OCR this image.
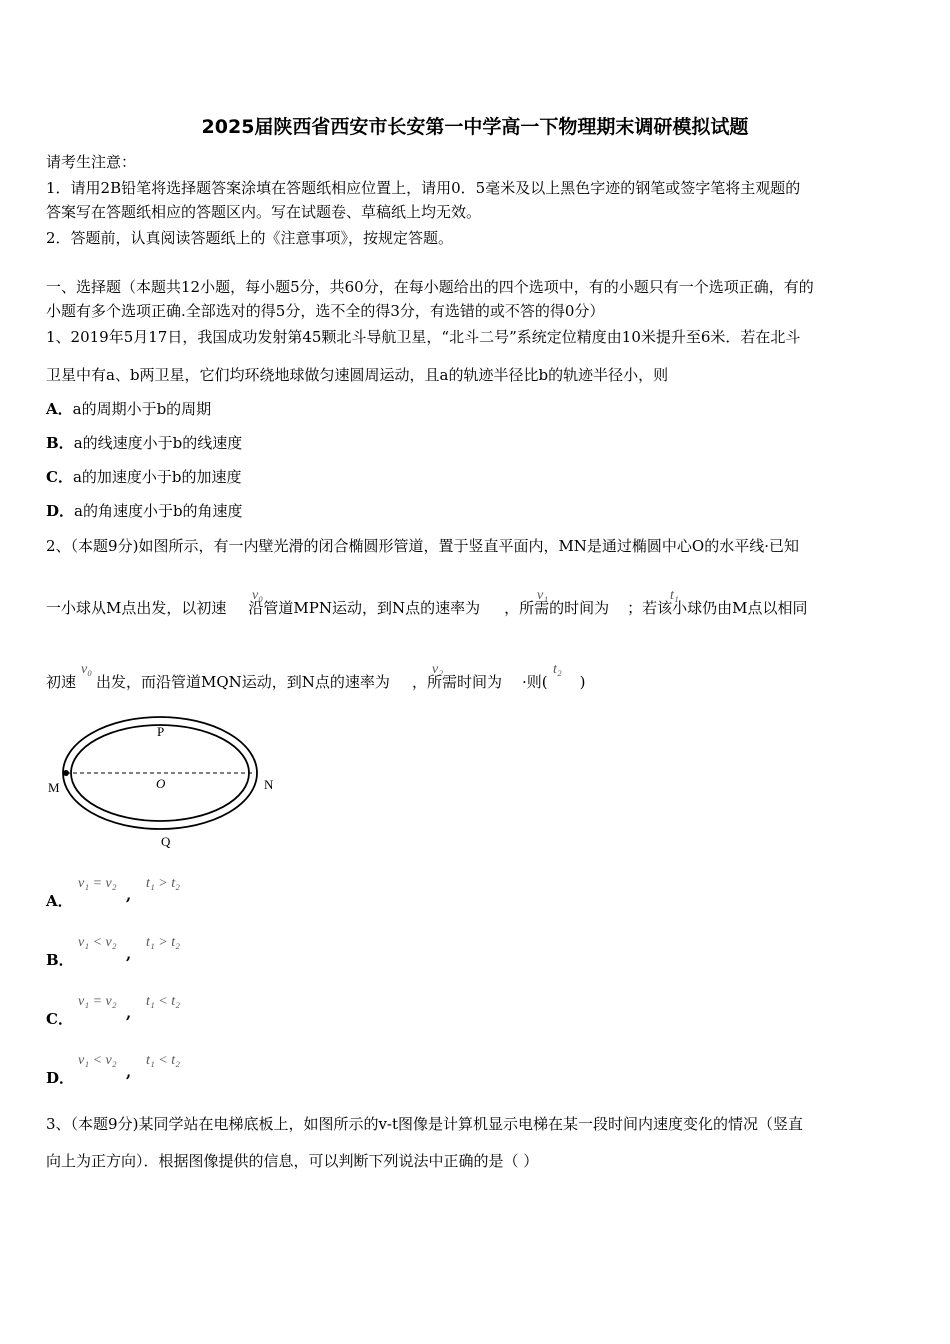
2025届陕西省西安市长安第一中学高一下物理期末调研模拟试题
请考生注意：
1．请用2B铅笔将选择题答案涂填在答题纸相应位置上，请用0．5毫米及以上黑色字迹的钢笔或签字笔将主观题的
答案写在答题纸相应的答题区内。写在试题卷、草稿纸上均无效。
2．答题前，认真阅读答题纸上的《注意事项》，按规定答题。
一、选择题（本题共12小题，每小题5分，共60分，在每小题给出的四个选项中，有的小题只有一个选项正确，有的
小题有多个选项正确.全部选对的得5分，选不全的得3分，有选错的或不答的得0分）
1、2019年5月17日，我国成功发射第45颗北斗导航卫星，“北斗二号”系统定位精度由10米提升至6米．若在北斗
卫星中有a、b两卫星，它们均环绕地球做匀速圆周运动，且a的轨迹半径比b的轨迹半径小，则
A．a的周期小于b的周期
B．a的线速度小于b的线速度
C．a的加速度小于b的加速度
D．a的角速度小于b的角速度
2、（本题9分)如图所示，有一内壁光滑的闭合椭圆形管道，置于竖直平面内，MN是通过椭圆中心O的水平线·已知
一小球从M点出发，以初速 沿管道MPN运动，到N点的速率为 ，所需的时间为 ；若该小球仍由M点以相同
v₀	v₁	t₁
初速 出发，而沿管道MQN运动，到N点的速率为 ，所需时间为 ·则( )
v₀	v₂	t₂
P
M	O	N
Q
A．
v₁ = v₂
,
t₁ > t₂
B．
v₁ < v₂
,
t₁ > t₂
C．
v₁ = v₂
,
t₁ < t₂
D．
v₁ < v₂
,
t₁ < t₂
3、（本题9分)某同学站在电梯底板上，如图所示的v-t图像是计算机显示电梯在某一段时间内速度变化的情况（竖直
向上为正方向）．根据图像提供的信息，可以判断下列说法中正确的是（ ）
